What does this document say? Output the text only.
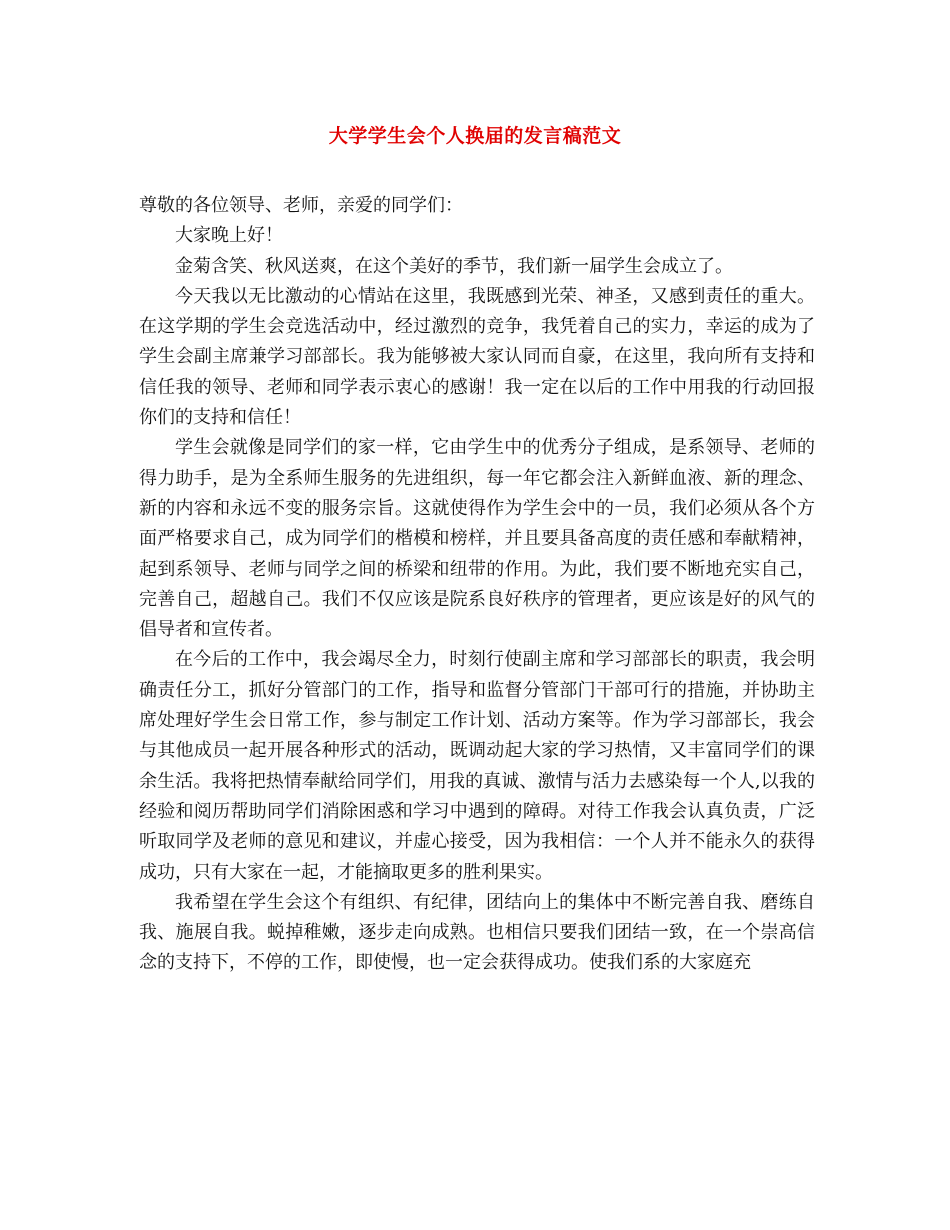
大学学生会个人换届的发言稿范文

尊敬的各位领导、老师，亲爱的同学们：

大家晚上好！

金菊含笑、秋风送爽，在这个美好的季节，我们新一届学生会成立了。

今天我以无比激动的心情站在这里，我既感到光荣、神圣，又感到责任的重大。在这学期的学生会竞选活动中，经过激烈的竞争，我凭着自己的实力，幸运的成为了学生会副主席兼学习部部长。我为能够被大家认同而自豪，在这里，我向所有支持和信任我的领导、老师和同学表示衷心的感谢！我一定在以后的工作中用我的行动回报你们的支持和信任！

学生会就像是同学们的家一样，它由学生中的优秀分子组成，是系领导、老师的得力助手，是为全系师生服务的先进组织，每一年它都会注入新鲜血液、新的理念、新的内容和永远不变的服务宗旨。这就使得作为学生会中的一员，我们必须从各个方面严格要求自己，成为同学们的楷模和榜样，并且要具备高度的责任感和奉献精神，起到系领导、老师与同学之间的桥梁和纽带的作用。为此，我们要不断地充实自己，完善自己，超越自己。我们不仅应该是院系良好秩序的管理者，更应该是好的风气的倡导者和宣传者。

在今后的工作中，我会竭尽全力，时刻行使副主席和学习部部长的职责，我会明确责任分工，抓好分管部门的工作，指导和监督分管部门干部可行的措施，并协助主席处理好学生会日常工作，参与制定工作计划、活动方案等。作为学习部部长，我会与其他成员一起开展各种形式的活动，既调动起大家的学习热情，又丰富同学们的课余生活。我将把热情奉献给同学们，用我的真诚、激情与活力去感染每一个人,以我的经验和阅历帮助同学们消除困惑和学习中遇到的障碍。对待工作我会认真负责，广泛听取同学及老师的意见和建议，并虚心接受，因为我相信：一个人并不能永久的获得成功，只有大家在一起，才能摘取更多的胜利果实。

我希望在学生会这个有组织、有纪律，团结向上的集体中不断完善自我、磨练自我、施展自我。蜕掉稚嫩，逐步走向成熟。也相信只要我们团结一致，在一个崇高信念的支持下，不停的工作，即使慢，也一定会获得成功。使我们系的大家庭充
